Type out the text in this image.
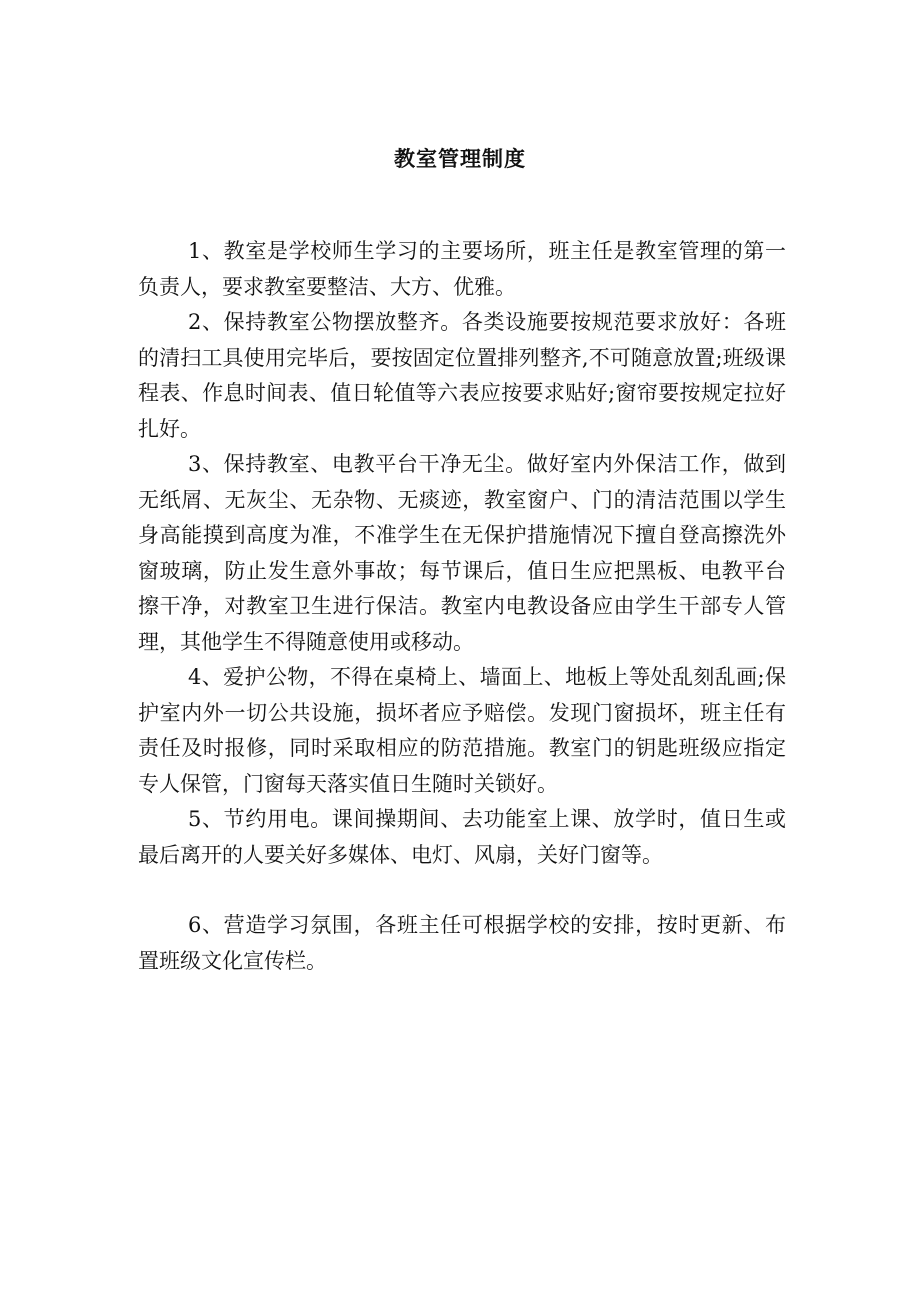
教室管理制度

1、教室是学校师生学习的主要场所，班主任是教室管理的第一负责人，要求教室要整洁、大方、优雅。

2、保持教室公物摆放整齐。各类设施要按规范要求放好：各班的清扫工具使用完毕后，要按固定位置排列整齐,不可随意放置;班级课程表、作息时间表、值日轮值等六表应按要求贴好;窗帘要按规定拉好扎好。

3、保持教室、电教平台干净无尘。做好室内外保洁工作，做到无纸屑、无灰尘、无杂物、无痰迹，教室窗户、门的清洁范围以学生身高能摸到高度为准，不准学生在无保护措施情况下擅自登高擦洗外窗玻璃，防止发生意外事故；每节课后，值日生应把黑板、电教平台擦干净，对教室卫生进行保洁。教室内电教设备应由学生干部专人管理，其他学生不得随意使用或移动。

4、爱护公物，不得在桌椅上、墙面上、地板上等处乱刻乱画;保护室内外一切公共设施，损坏者应予赔偿。发现门窗损坏，班主任有责任及时报修，同时采取相应的防范措施。教室门的钥匙班级应指定专人保管，门窗每天落实值日生随时关锁好。

5、节约用电。课间操期间、去功能室上课、放学时，值日生或最后离开的人要关好多媒体、电灯、风扇，关好门窗等。

6、营造学习氛围，各班主任可根据学校的安排，按时更新、布置班级文化宣传栏。
